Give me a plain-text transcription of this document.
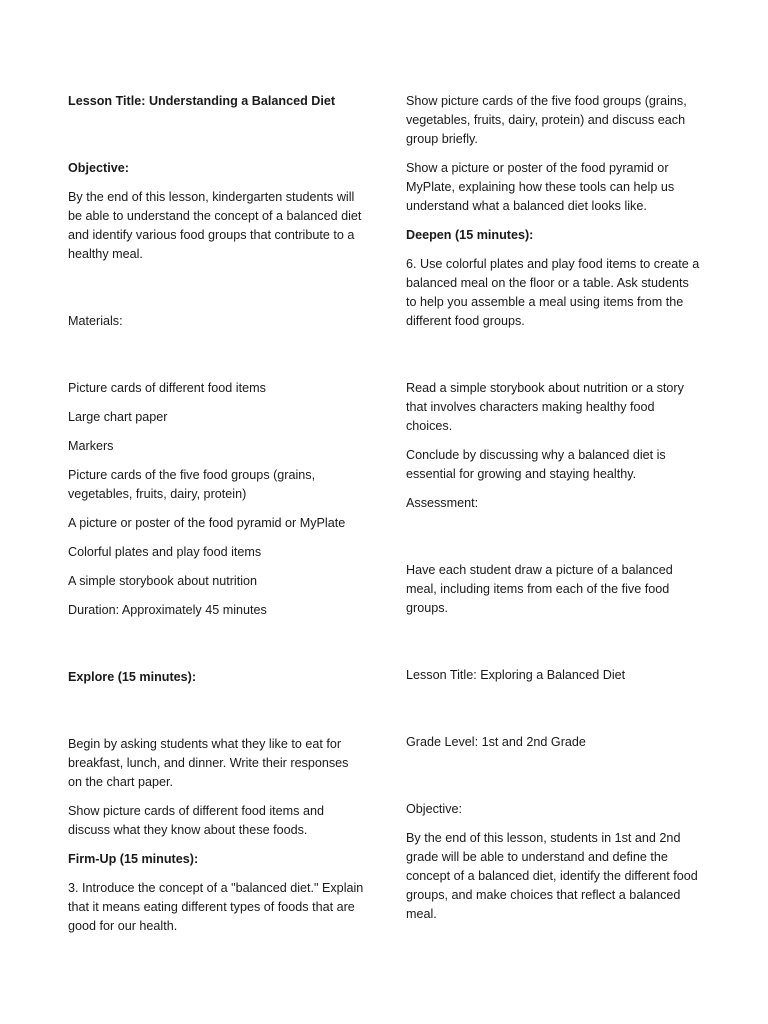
Lesson Title: Understanding a Balanced Diet

Objective:

By the end of this lesson, kindergarten students will be able to understand the concept of a balanced diet and identify various food groups that contribute to a healthy meal.

Materials:

Picture cards of different food items

Large chart paper

Markers

Picture cards of the five food groups (grains, vegetables, fruits, dairy, protein)

A picture or poster of the food pyramid or MyPlate

Colorful plates and play food items

A simple storybook about nutrition

Duration: Approximately 45 minutes

Explore (15 minutes):

Begin by asking students what they like to eat for breakfast, lunch, and dinner. Write their responses on the chart paper.

Show picture cards of different food items and discuss what they know about these foods.

Firm-Up (15 minutes):

3. Introduce the concept of a "balanced diet." Explain that it means eating different types of foods that are good for our health.

Show picture cards of the five food groups (grains, vegetables, fruits, dairy, protein) and discuss each group briefly.

Show a picture or poster of the food pyramid or MyPlate, explaining how these tools can help us understand what a balanced diet looks like.

Deepen (15 minutes):

6. Use colorful plates and play food items to create a balanced meal on the floor or a table. Ask students to help you assemble a meal using items from the different food groups.

Read a simple storybook about nutrition or a story that involves characters making healthy food choices.

Conclude by discussing why a balanced diet is essential for growing and staying healthy.

Assessment:

Have each student draw a picture of a balanced meal, including items from each of the five food groups.

Lesson Title: Exploring a Balanced Diet

Grade Level: 1st and 2nd Grade

Objective:

By the end of this lesson, students in 1st and 2nd grade will be able to understand and define the concept of a balanced diet, identify the different food groups, and make choices that reflect a balanced meal.
